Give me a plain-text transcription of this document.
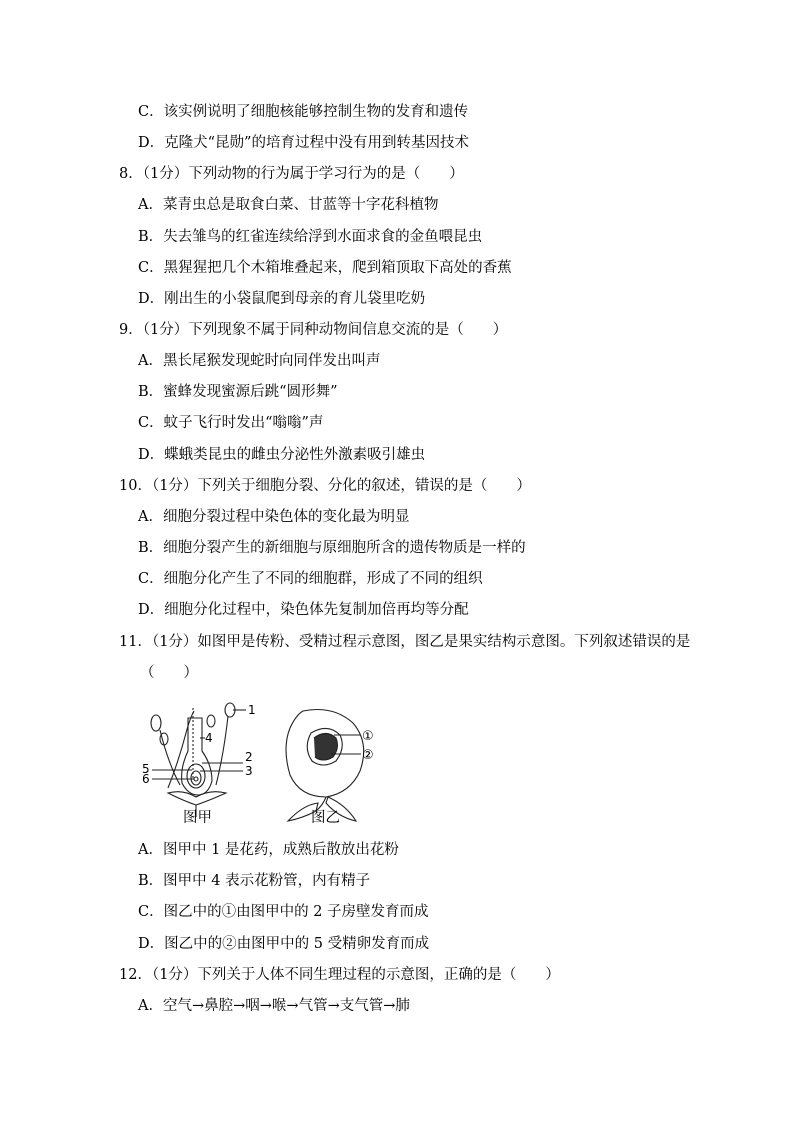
C．该实例说明了细胞核能够控制生物的发育和遗传
D．克隆犬“昆勋”的培育过程中没有用到转基因技术
8．（1分）下列动物的行为属于学习行为的是（　　）
A．菜青虫总是取食白菜、甘蓝等十字花科植物
B．失去雏鸟的红雀连续给浮到水面求食的金鱼喂昆虫
C．黑猩猩把几个木箱堆叠起来，爬到箱顶取下高处的香蕉
D．刚出生的小袋鼠爬到母亲的育儿袋里吃奶
9．（1分）下列现象不属于同种动物间信息交流的是（　　）
A．黑长尾猴发现蛇时向同伴发出叫声
B．蜜蜂发现蜜源后跳“圆形舞”
C．蚊子飞行时发出“嗡嗡”声
D．蝶蛾类昆虫的雌虫分泌性外激素吸引雄虫
10．（1分）下列关于细胞分裂、分化的叙述，错误的是（　　）
A．细胞分裂过程中染色体的变化最为明显
B．细胞分裂产生的新细胞与原细胞所含的遗传物质是一样的
C．细胞分化产生了不同的细胞群，形成了不同的组织
D．细胞分化过程中，染色体先复制加倍再均等分配
11．（1分）如图甲是传粉、受精过程示意图，图乙是果实结构示意图。下列叙述错误的是
（　　）
1
2
3
4
5
6
①
②
图甲	图乙
A．图甲中 1 是花药，成熟后散放出花粉
B．图甲中 4 表示花粉管，内有精子
C．图乙中的①由图甲中的 2 子房壁发育而成
D．图乙中的②由图甲中的 5 受精卵发育而成
12．（1分）下列关于人体不同生理过程的示意图，正确的是（　　）
A．空气→鼻腔→咽→喉→气管→支气管→肺
